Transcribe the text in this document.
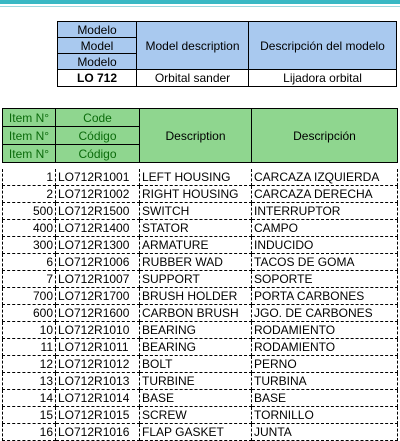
Modelo	Model description	Descripción del modelo
Model		
Modelo		
LO 712	Orbital sander	Lijadora orbital
Item N°	Code	Description	Descripción
Item N°	Código		
Item N°	Código		

1	LO712R1001	LEFT HOUSING	CARCAZA IZQUIERDA
2	LO712R1002	RIGHT HOUSING	CARCAZA DERECHA
500	LO712R1500	SWITCH	INTERRUPTOR
400	LO712R1400	STATOR	CAMPO
300	LO712R1300	ARMATURE	INDUCIDO
6	LO712R1006	RUBBER WAD	TACOS DE GOMA
7	LO712R1007	SUPPORT	SOPORTE
700	LO712R1700	BRUSH HOLDER	PORTA CARBONES
600	LO712R1600	CARBON BRUSH	JGO. DE CARBONES
10	LO712R1010	BEARING	RODAMIENTO
11	LO712R1011	BEARING	RODAMIENTO
12	LO712R1012	BOLT	PERNO
13	LO712R1013	TURBINE	TURBINA
14	LO712R1014	BASE	BASE
15	LO712R1015	SCREW	TORNILLO
16	LO712R1016	FLAP GASKET	JUNTA
